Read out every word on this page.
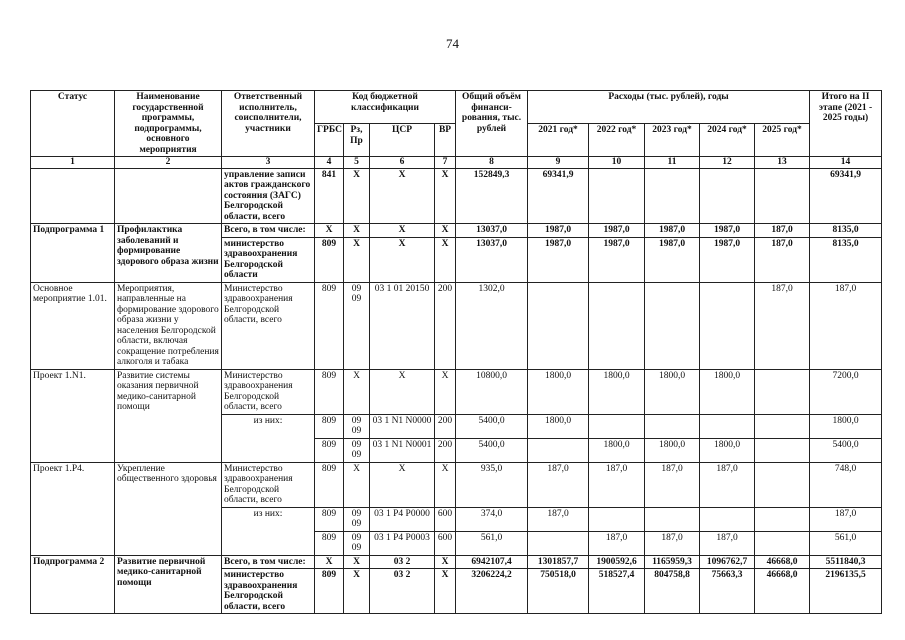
74
Статус	Наименование государственной программы, подпрограммы, основного мероприятия	Ответственный исполнитель, соисполнители, участники	Код бюджетной классификации				Общий объём финанси-рования, тыс. рублей	Расходы (тыс. рублей), годы					Итого на II этапе (2021 - 2025 годы)
			ГРБС	Рз, Пр	ЦСР	ВР		2021 год*	2022 год*	2023 год*	2024 год*	2025 год*	
1	2	3	4	5	6	7	8	9	10	11	12	13	14
		управление записи актов гражданского состояния (ЗАГС) Белгородской области, всего	841	Х	Х	Х	152849,3	69341,9					69341,9
Подпрограмма 1	Профилактика заболеваний и формирование здорового образа жизни	Всего, в том числе:	Х	Х	Х	Х	13037,0	1987,0	1987,0	1987,0	1987,0	187,0	8135,0
		министерство здравоохранения Белгородской области	809	Х	Х	Х	13037,0	1987,0	1987,0	1987,0	1987,0	187,0	8135,0
Основное мероприятие 1.01.	Мероприятия, направленные на формирование здорового образа жизни у населения Белгородской области, включая сокращение потребления алкоголя и табака	Министерство здравоохранения Белгородской области, всего	809	09 09	03 1 01 20150	200	1302,0					187,0	187,0
Проект 1.N1.	Развитие системы оказания первичной медико-санитарной помощи	Министерство здравоохранения Белгородской области, всего	809	Х	Х	Х	10800,0	1800,0	1800,0	1800,0	1800,0		7200,0
		из них:	809	09 09	03 1 N1 N0000	200	5400,0	1800,0					1800,0
			809	09 09	03 1 N1 N0001	200	5400,0		1800,0	1800,0	1800,0		5400,0
Проект 1.Р4.	Укрепление общественного здоровья	Министерство здравоохранения Белгородской области, всего	809	Х	Х	Х	935,0	187,0	187,0	187,0	187,0		748,0
		из них:	809	09 09	03 1 Р4 Р0000	600	374,0	187,0					187,0
			809	09 09	03 1 Р4 Р0003	600	561,0		187,0	187,0	187,0		561,0
Подпрограмма 2	Развитие первичной медико-санитарной помощи	Всего, в том числе:	Х	Х	03 2	Х	6942107,4	1301857,7	1900592,6	1165959,3	1096762,7	46668,0	5511840,3
		министерство здравоохранения Белгородской области, всего	809	Х	03 2	Х	3206224,2	750518,0	518527,4	804758,8	75663,3	46668,0	2196135,5
